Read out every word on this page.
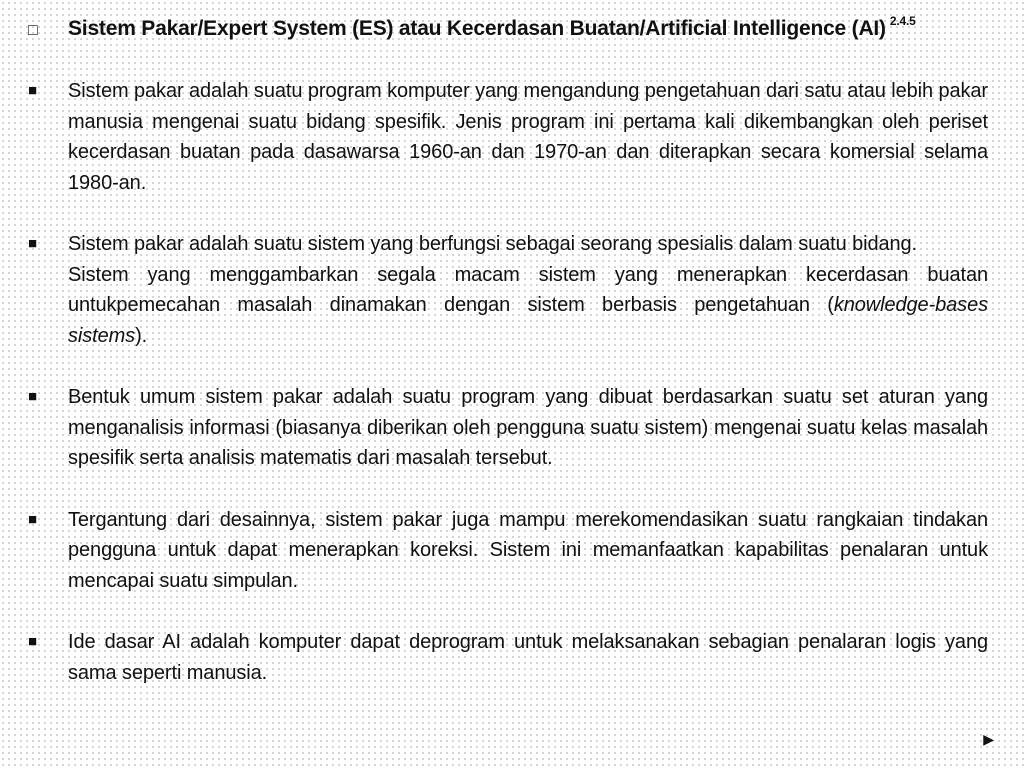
□	Sistem Pakar/Expert System (ES) atau Kecerdasan Buatan/Artificial Intelligence (AI) $^{2.4.5}$
■	Sistem pakar adalah suatu program komputer yang mengandung pengetahuan dari satu atau lebih pakar manusia mengenai suatu bidang spesifik. Jenis program ini pertama kali dikembangkan oleh periset kecerdasan buatan pada dasawarsa 1960-an dan 1970-an dan diterapkan secara komersial selama 1980-an.
■	Sistem pakar adalah suatu sistem yang berfungsi sebagai seorang spesialis dalam suatu bidang.

Sistem yang menggambarkan segala macam sistem yang menerapkan kecerdasan buatan untukpemecahan masalah dinamakan dengan sistem berbasis pengetahuan (knowledge-bases sistems).

■	Bentuk umum sistem pakar adalah suatu program yang dibuat berdasarkan suatu set aturan yang menganalisis informasi (biasanya diberikan oleh pengguna suatu sistem) mengenai suatu kelas masalah spesifik serta analisis matematis dari masalah tersebut.
■	Tergantung dari desainnya, sistem pakar juga mampu merekomendasikan suatu rangkaian tindakan pengguna untuk dapat menerapkan koreksi. Sistem ini memanfaatkan kapabilitas penalaran untuk mencapai suatu simpulan.
■	Ide dasar AI adalah komputer dapat deprogram untuk melaksanakan sebagian penalaran logis yang sama seperti manusia.
▶
